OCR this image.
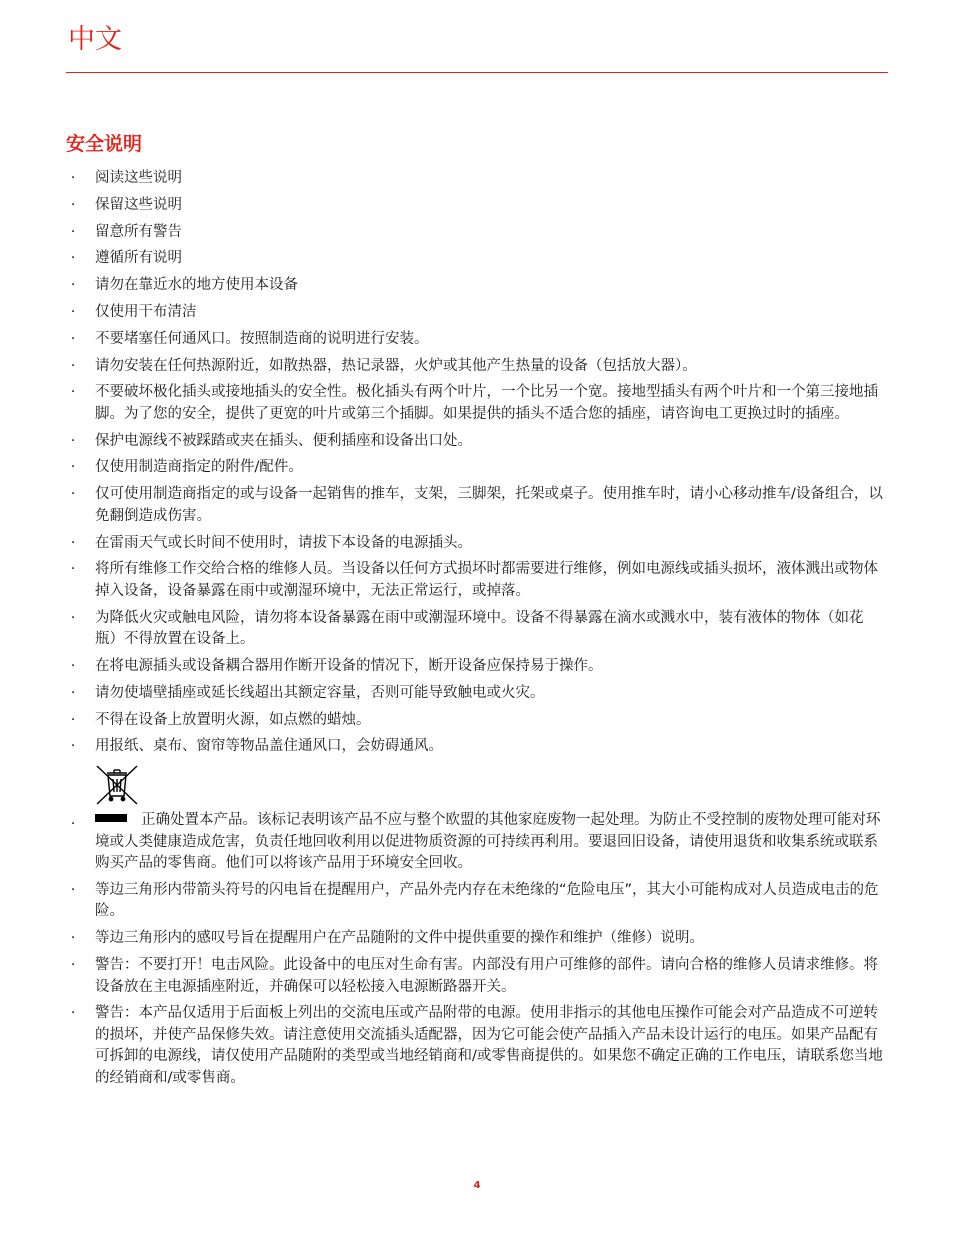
中文
安全说明
· 阅读这些说明
· 保留这些说明
· 留意所有警告
· 遵循所有说明
· 请勿在靠近水的地方使用本设备
· 仅使用干布清洁
· 不要堵塞任何通风口。按照制造商的说明进行安装。
· 请勿安装在任何热源附近，如散热器，热记录器，火炉或其他产生热量的设备（包括放大器）。
· 不要破坏极化插头或接地插头的安全性。极化插头有两个叶片，一个比另一个宽。接地型插头有两个叶片和一个第三接地插脚。为了您的安全，提供了更宽的叶片或第三个插脚。如果提供的插头不适合您的插座，请咨询电工更换过时的插座。
· 保护电源线不被踩踏或夹在插头、便利插座和设备出口处。
· 仅使用制造商指定的附件/配件。
· 仅可使用制造商指定的或与设备一起销售的推车，支架，三脚架，托架或桌子。使用推车时，请小心移动推车/设备组合，以免翻倒造成伤害。
· 在雷雨天气或长时间不使用时，请拔下本设备的电源插头。
· 将所有维修工作交给合格的维修人员。当设备以任何方式损坏时都需要进行维修，例如电源线或插头损坏，液体溅出或物体掉入设备，设备暴露在雨中或潮湿环境中，无法正常运行，或掉落。
· 为降低火灾或触电风险，请勿将本设备暴露在雨中或潮湿环境中。设备不得暴露在滴水或溅水中，装有液体的物体（如花瓶）不得放置在设备上。
· 在将电源插头或设备耦合器用作断开设备的情况下，断开设备应保持易于操作。
· 请勿使墙壁插座或延长线超出其额定容量，否则可能导致触电或火灾。
· 不得在设备上放置明火源，如点燃的蜡烛。
· 用报纸、桌布、窗帘等物品盖住通风口，会妨碍通风。
·	正确处置本产品。该标记表明该产品不应与整个欧盟的其他家庭废物一起处理。为防止不受控制的废物处理可能对环境或人类健康造成危害，负责任地回收利用以促进物质资源的可持续再利用。要退回旧设备，请使用退货和收集系统或联系购买产品的零售商。他们可以将该产品用于环境安全回收。
· 等边三角形内带箭头符号的闪电旨在提醒用户，产品外壳内存在未绝缘的“危险电压”，其大小可能构成对人员造成电击的危险。
· 等边三角形内的感叹号旨在提醒用户在产品随附的文件中提供重要的操作和维护（维修）说明。
· 警告：不要打开！电击风险。此设备中的电压对生命有害。内部没有用户可维修的部件。请向合格的维修人员请求维修。将设备放在主电源插座附近，并确保可以轻松接入电源断路器开关。
· 警告：本产品仅适用于后面板上列出的交流电压或产品附带的电源。使用非指示的其他电压操作可能会对产品造成不可逆转的损坏，并使产品保修失效。请注意使用交流插头适配器，因为它可能会使产品插入产品未设计运行的电压。如果产品配有可拆卸的电源线，请仅使用产品随附的类型或当地经销商和/或零售商提供的。如果您不确定正确的工作电压，请联系您当地的经销商和/或零售商。
4
